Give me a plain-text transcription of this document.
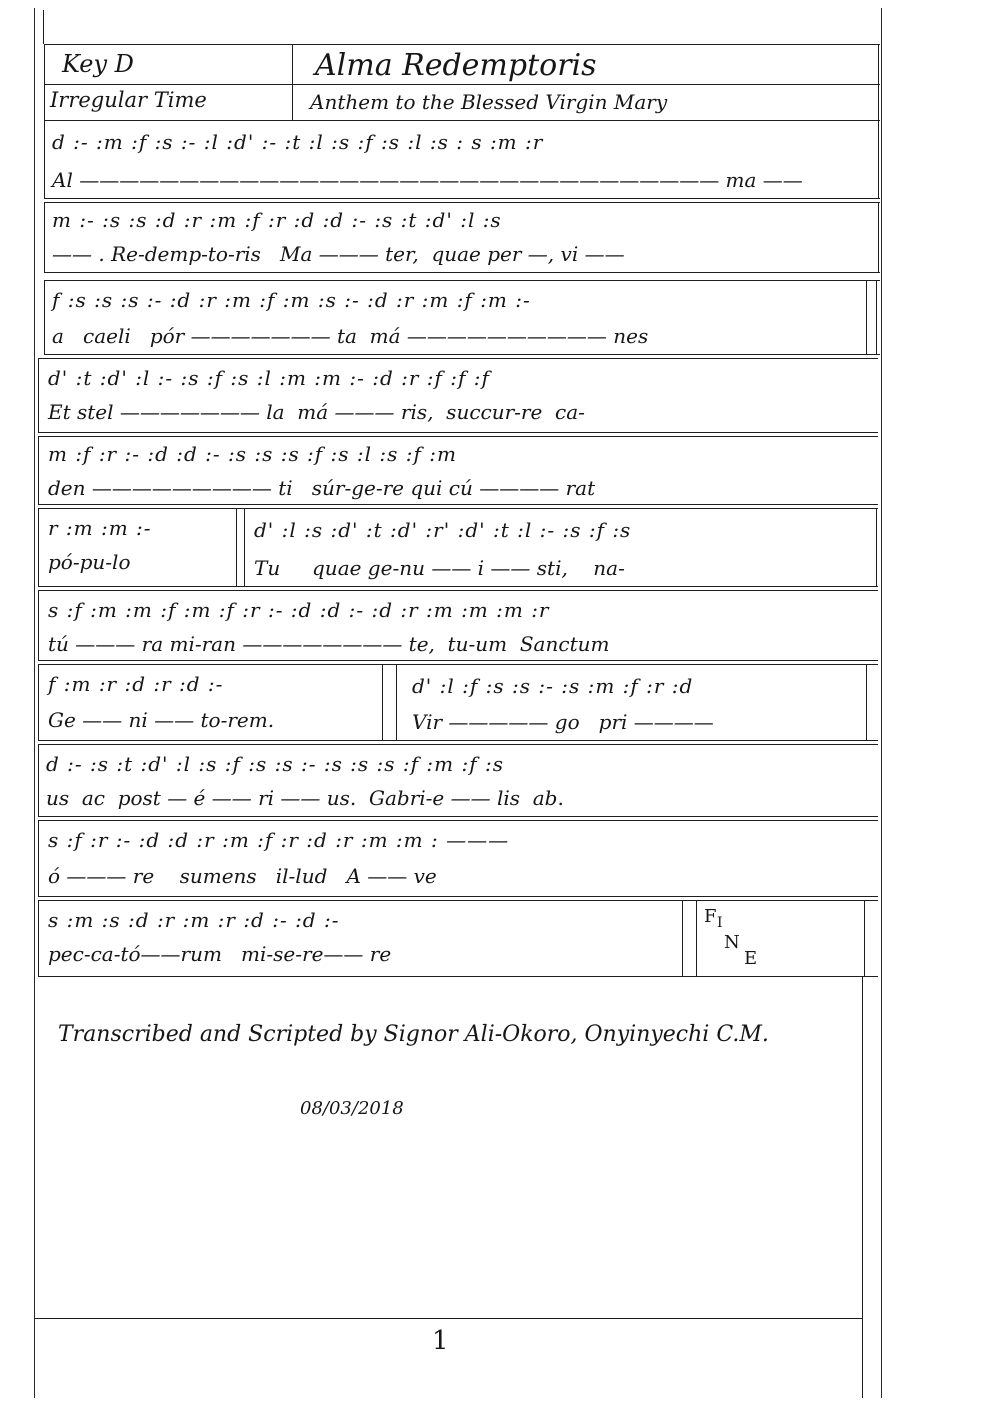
Key D	Alma Redemptoris
Irregular Time	Anthem to the Blessed Virgin Mary
d :- :m :f :s :- :l :d' :- :t :l :s :f :s :l :s : s :m :r
Al ———————————————————————————————— ma ——
m :- :s :s :d :r :m :f :r :d :d :- :s :t :d' :l :s
—— . Re-demp-to-ris   Ma ——— ter,  quae per —, vi ——
f :s :s :s :- :d :r :m :f :m :s :- :d :r :m :f :m :-
a   caeli   pór ——————— ta  má —————————— nes
d' :t :d' :l :- :s :f :s :l :m :m :- :d :r :f :f :f
Et stel ——————— la  má ——— ris,  succur-re  ca-
m :f :r :- :d :d :- :s :s :s :f :s :l :s :f :m
den ————————— ti   súr-ge-re qui cú ———— rat
r :m :m :-
pó-pu-lo
d' :l :s :d' :t :d' :r' :d' :t :l :- :s :f :s
Tu     quae ge-nu —— i —— sti,    na-
s :f :m :m :f :m :f :r :- :d :d :- :d :r :m :m :m :r
tú ——— ra mi-ran ———————— te,  tu-um  Sanctum
f :m :r :d :r :d :-
Ge —— ni —— to-rem.
d' :l :f :s :s :- :s :m :f :r :d
Vir ————— go   pri ————
d :- :s :t :d' :l :s :f :s :s :- :s :s :s :f :m :f :s
us  ac  post — é —— ri —— us.  Gabri-e —— lis  ab.
s :f :r :- :d :d :r :m :f :r :d :r :m :m : ———
ó ——— re    sumens   il-lud   A —— ve
s :m :s :d :r :m :r :d :- :d :-
pec-ca-tó——rum   mi-se-re—— re
F I
N
E
Transcribed and Scripted by Signor Ali-Okoro, Onyinyechi C.M.
08/03/2018
1
